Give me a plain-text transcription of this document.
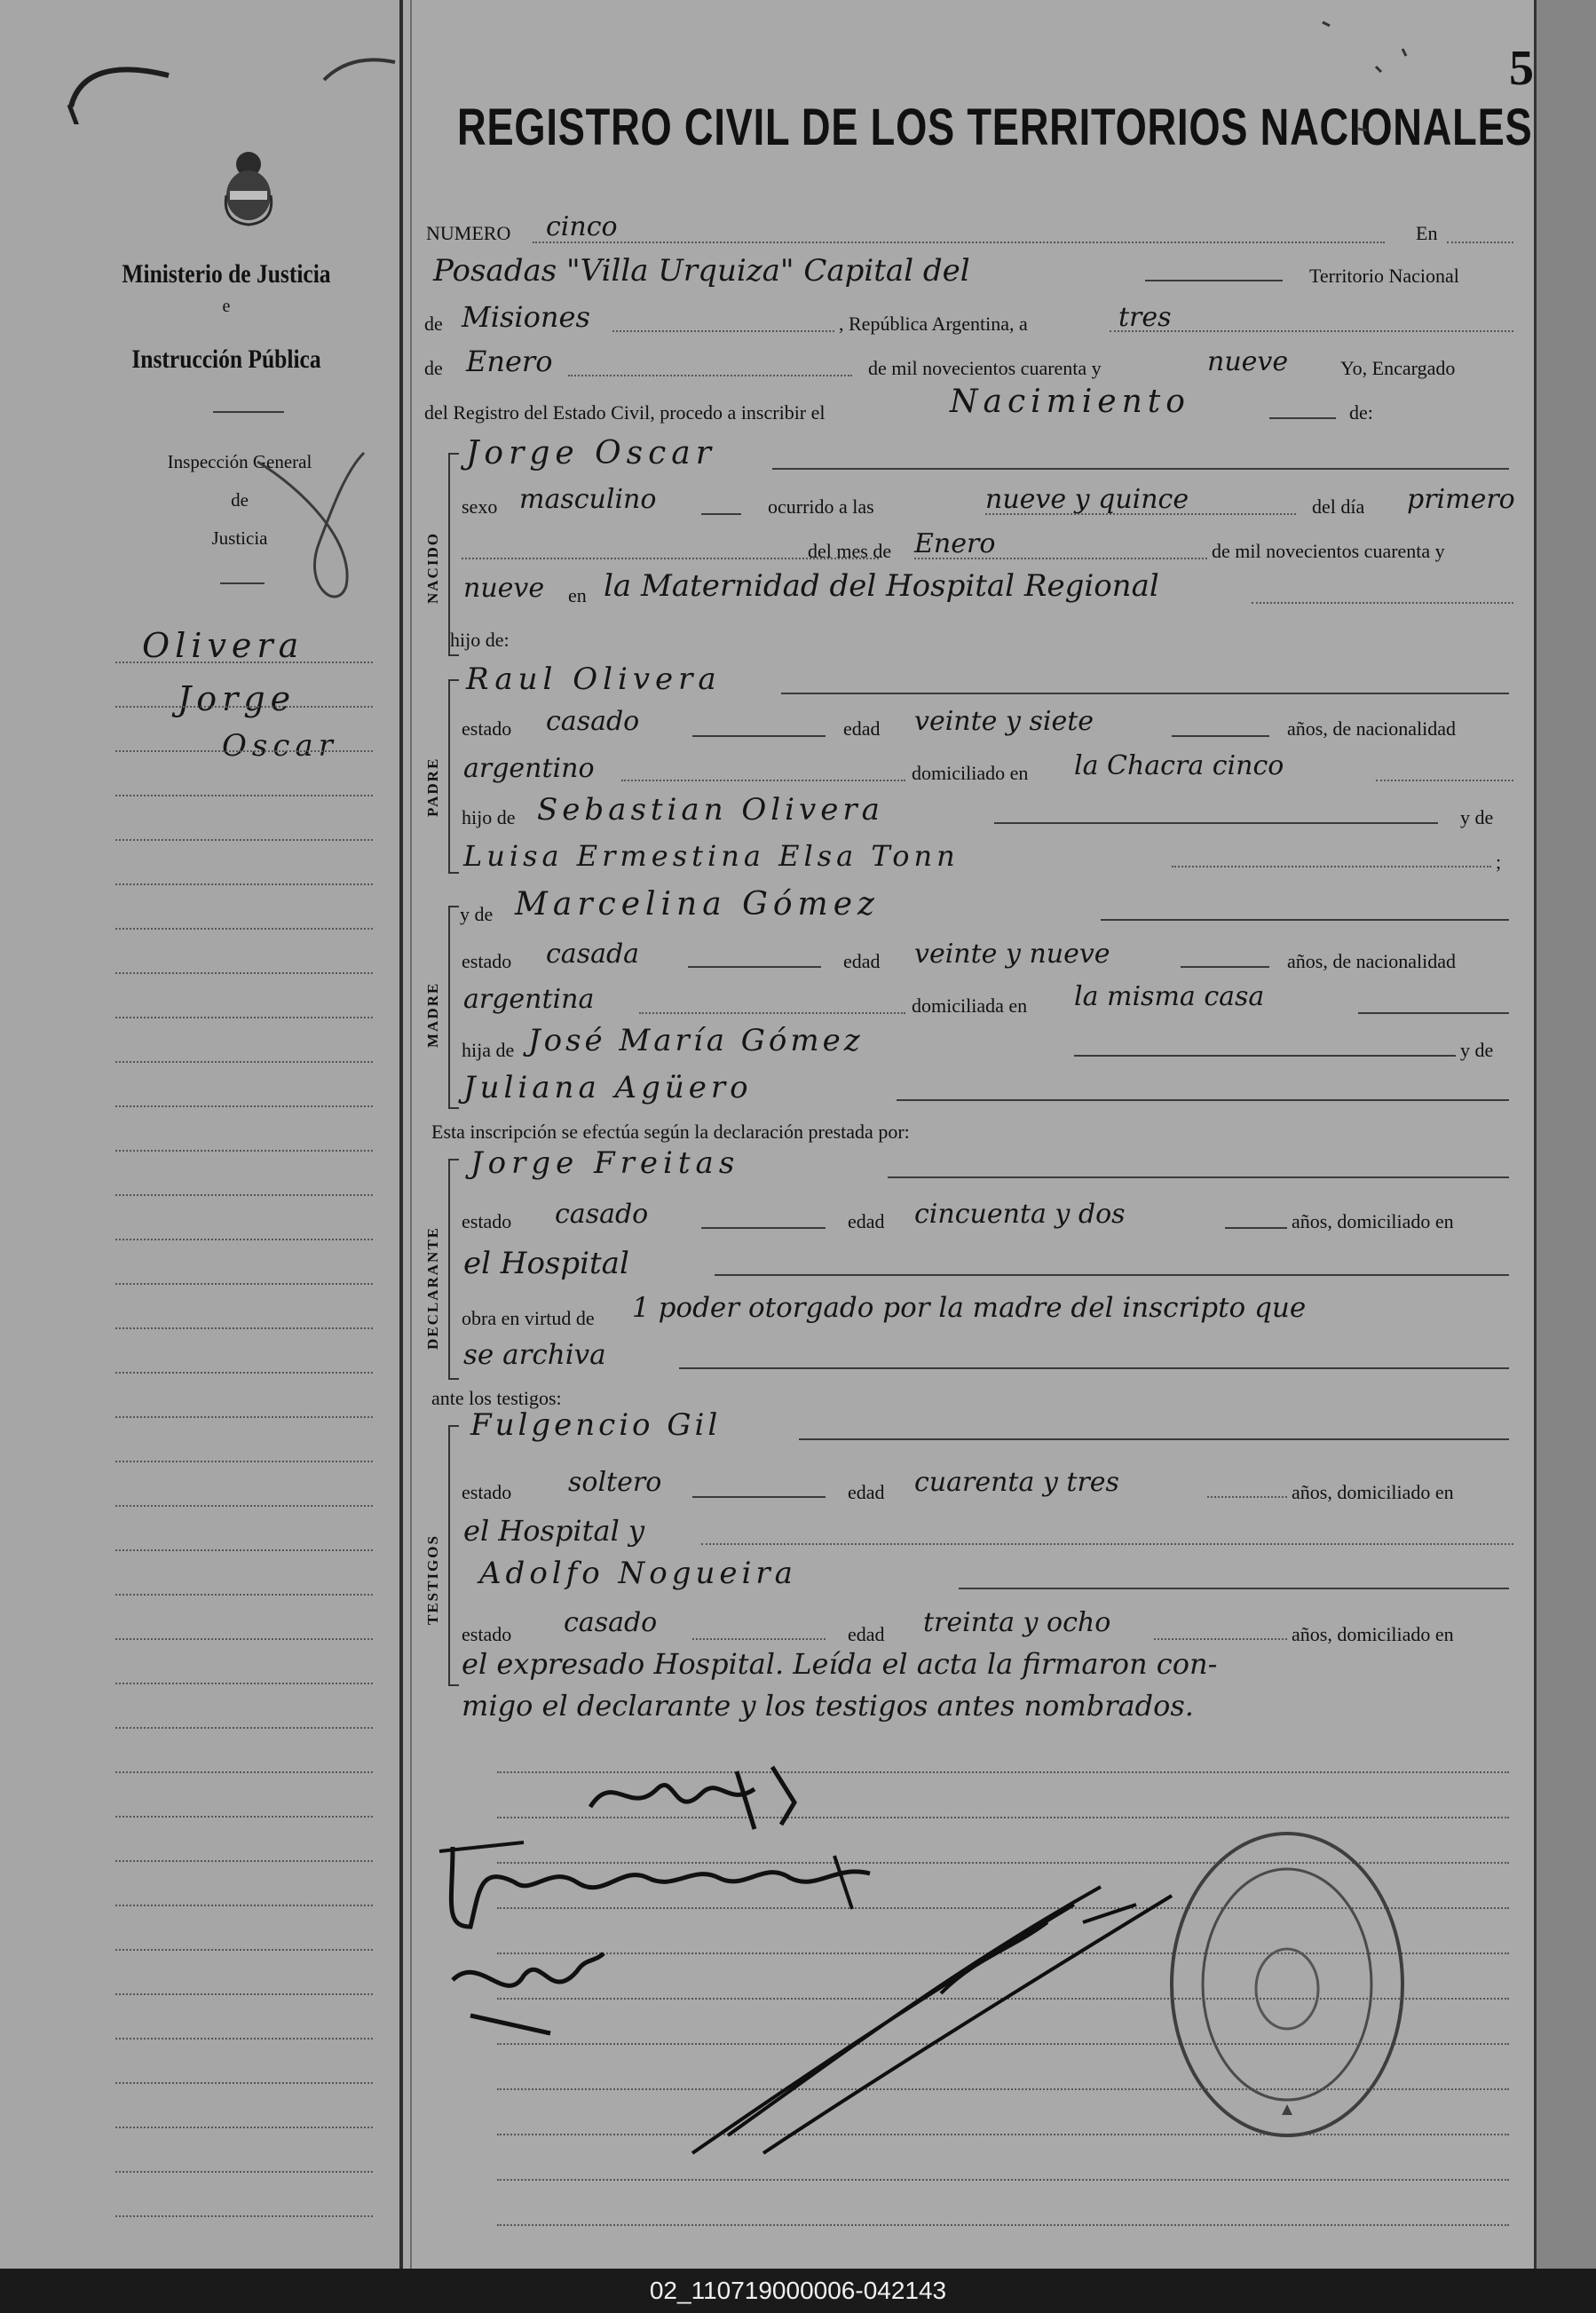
Ministerio de Justicia
e
Instrucción Pública
Inspección General
de
Justicia
Olivera
Jorge
Oscar
5
REGISTRO CIVIL DE LOS TERRITORIOS NACIONALES
NUMERO cinco	En
Posadas "Villa Urquiza" Capital del	Territorio Nacional
de Misiones	, República Argentina, a	tres
de Enero	de mil novecientos cuarenta y	nueve	Yo, Encargado
del Registro del Estado Civil, procedo a inscribir el	Nacimiento	de:
NACIDO
Jorge Oscar
sexo masculino	ocurrido a las	nueve y quince	del día primero
del mes de Enero	de mil novecientos cuarenta y
nueve en la Maternidad del Hospital Regional
hijo de:
PADRE
Raul Olivera
estado casado	edad veinte y siete	años, de nacionalidad
argentino	domiciliado en la Chacra cinco
hijo de Sebastian Olivera	y de
Luisa Ermestina Elsa Tonn	;
MADRE
y de Marcelina Gómez
estado casada	edad veinte y nueve	años, de nacionalidad
argentina	domiciliada en la misma casa
hija de José María Gómez	y de
Juliana Agüero
Esta inscripción se efectúa según la declaración prestada por:
DECLARANTE
Jorge Freitas
estado casado	edad cincuenta y dos	años, domiciliado en
el Hospital
obra en virtud de 1 poder otorgado por la madre del inscripto que
se archiva
ante los testigos:
TESTIGOS
Fulgencio Gil
estado soltero	edad cuarenta y tres	años, domiciliado en
el Hospital y
Adolfo Nogueira
estado casado	edad treinta y ocho	años, domiciliado en
el expresado Hospital. Leída el acta la firmaron con-
migo el declarante y los testigos antes nombrados.
02_110719000006-042143
